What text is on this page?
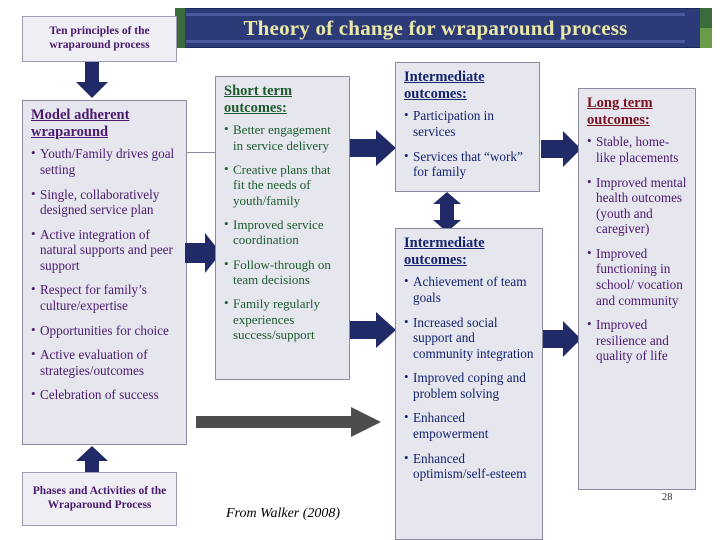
Theory of change for wraparound process
Ten principles of the wraparound process
Model adherent wraparound
• Youth/Family drives goal setting
• Single, collaboratively designed service plan
• Active integration of natural supports and peer support
• Respect for family’s culture/expertise
• Opportunities for choice
• Active evaluation of strategies/outcomes
• Celebration of success
Phases and Activities of the Wraparound Process
Short term outcomes:
• Better engagement in service delivery
• Creative plans that fit the needs of youth/family
• Improved service coordination
• Follow-through on team decisions
• Family regularly experiences success/support
Intermediate outcomes:
• Participation in services
• Services that “work” for family
Intermediate outcomes:
• Achievement of team goals
• Increased social support and community integration
• Improved coping and problem solving
• Enhanced empowerment
• Enhanced optimism/self-esteem
Long term outcomes:
• Stable, home-like placements
• Improved mental health outcomes (youth and caregiver)
• Improved functioning in school/ vocation and community
• Improved resilience and quality of life
From Walker (2008)
28
